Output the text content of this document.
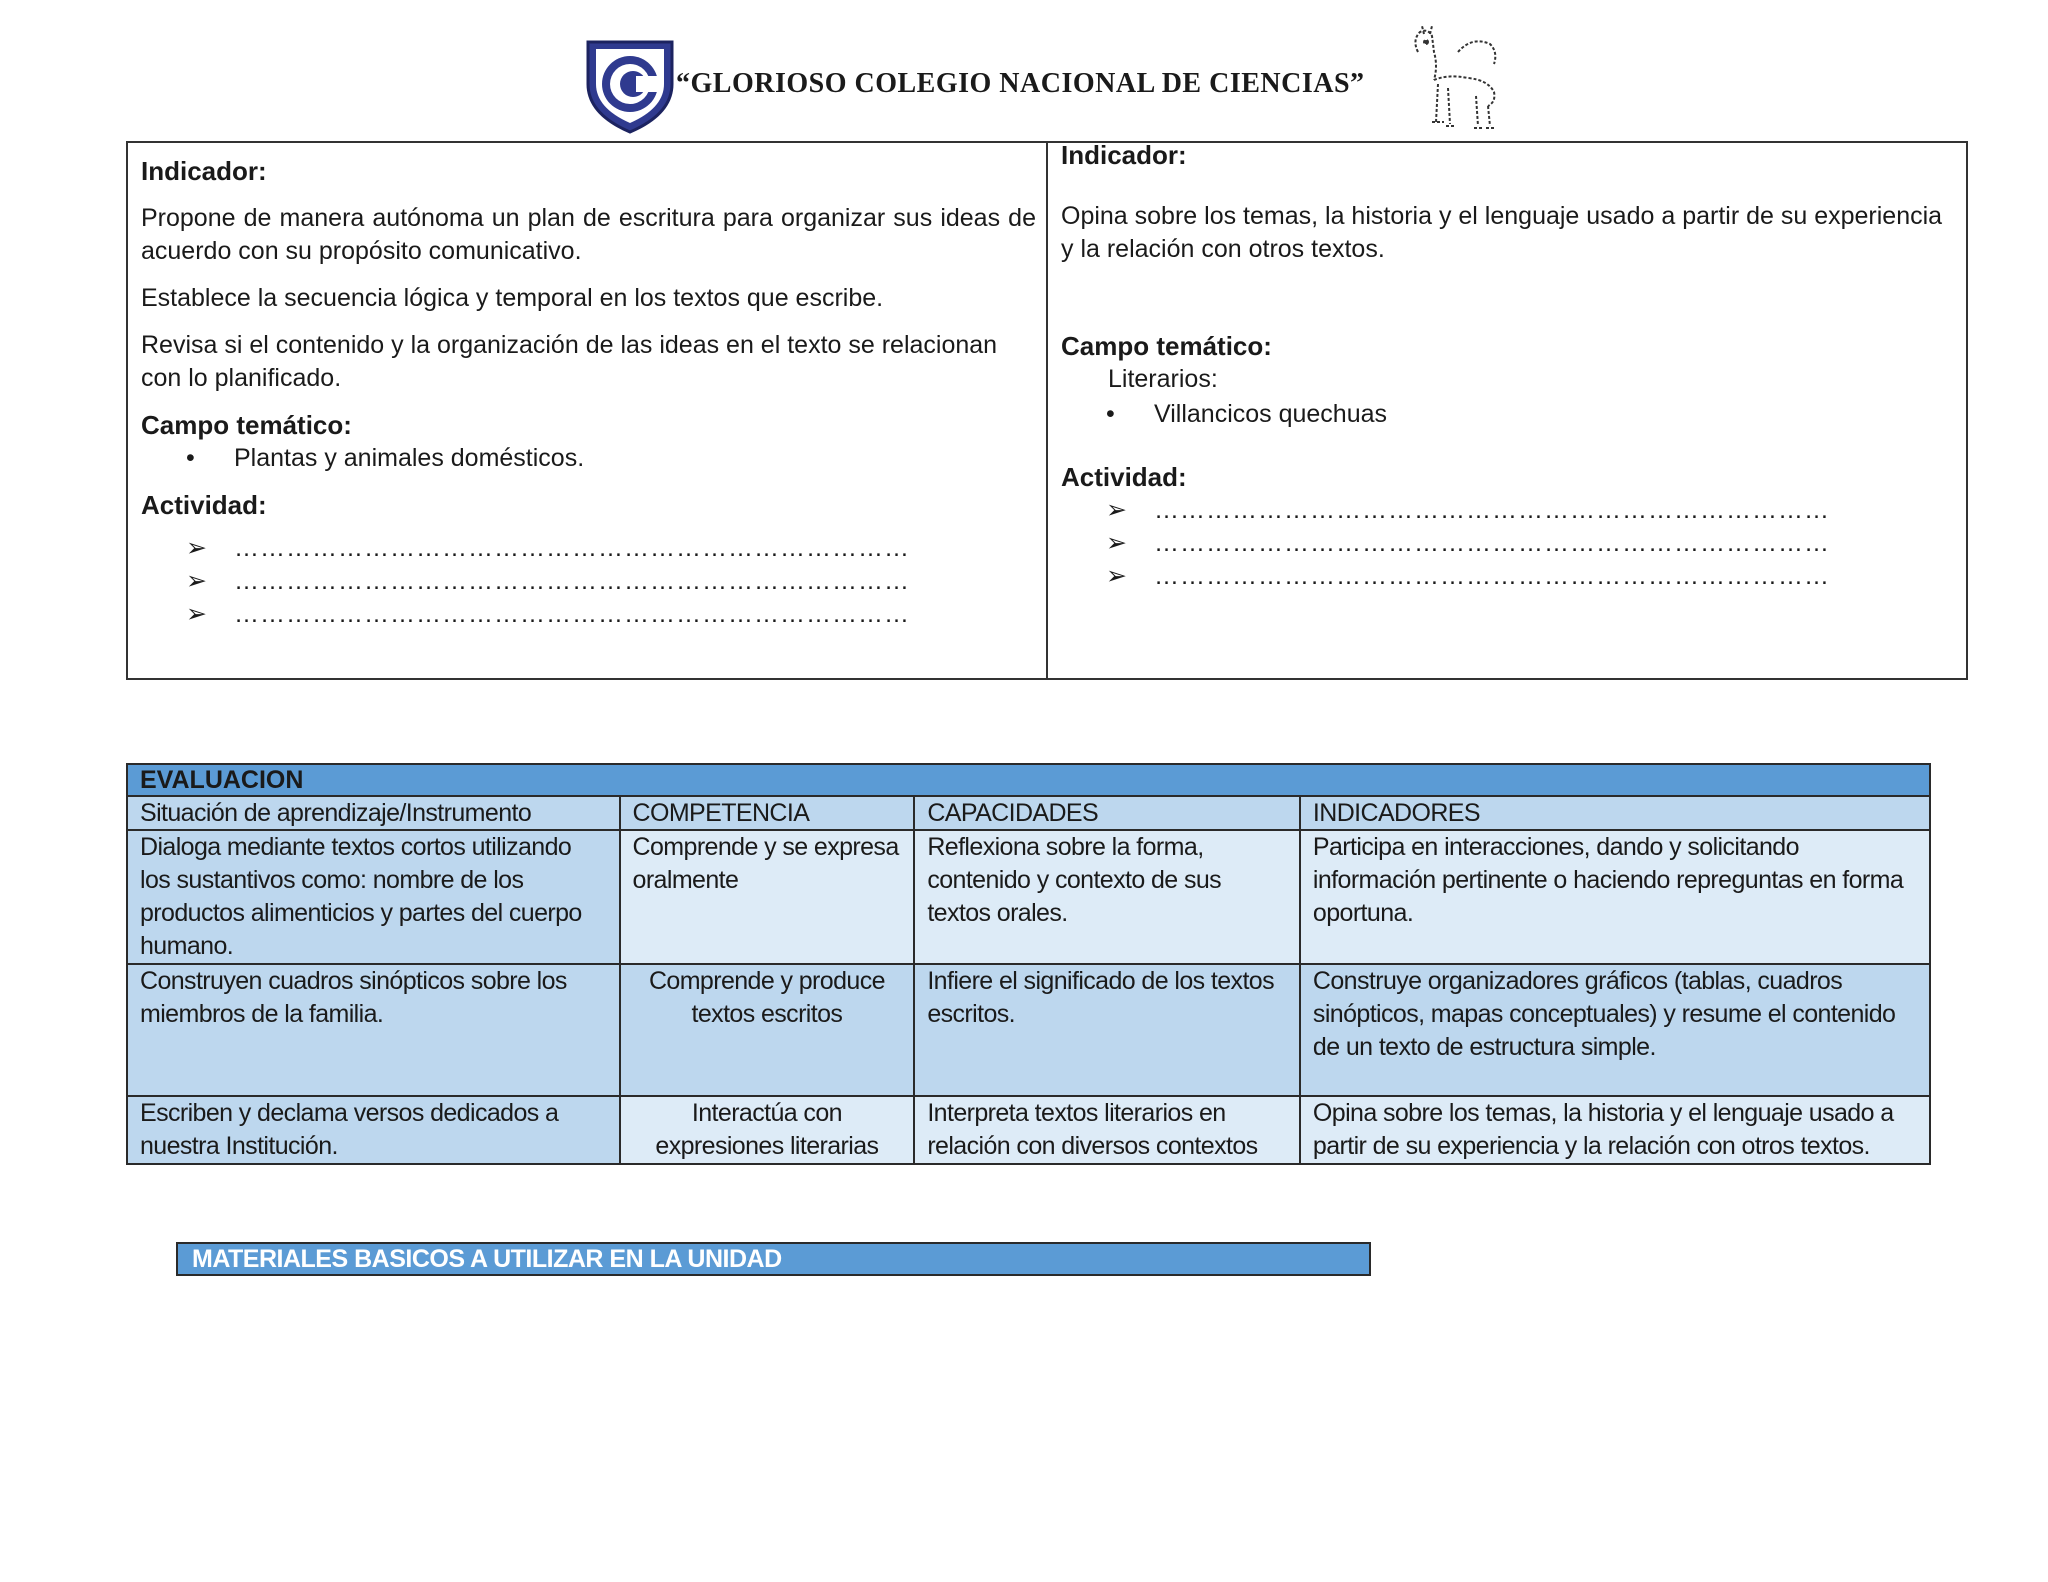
“GLORIOSO COLEGIO NACIONAL DE CIENCIAS”

Indicador:

Propone de manera autónoma un plan de escritura para organizar sus ideas de acuerdo con su propósito comunicativo.

Establece la secuencia lógica y temporal en los textos que escribe.

Revisa si el contenido y la organización de las ideas en el texto se relacionan con lo planificado.

Campo temático:

•	Plantas y animales domésticos.

Actividad:

➢	……………………………………………………………………
➢	……………………………………………………………………
➢	……………………………………………………………………

Indicador:

Opina sobre los temas, la historia y el lenguaje usado a partir de su experiencia y la relación con otros textos.

Campo temático:

Literarios:

•	Villancicos quechuas

Actividad:

➢	……………………………………………………………………
➢	……………………………………………………………………
➢	……………………………………………………………………
EVALUACION			
Situación de aprendizaje/Instrumento	COMPETENCIA	CAPACIDADES	INDICADORES
Dialoga mediante textos cortos utilizando los sustantivos como: nombre de los productos alimenticios y partes del cuerpo humano.	Comprende y se expresa oralmente	Reflexiona sobre la forma, contenido y contexto de sus textos orales.	Participa en interacciones, dando y solicitando información pertinente o haciendo repreguntas en forma oportuna.
Construyen cuadros sinópticos sobre los miembros de la familia.	Comprende y produce textos escritos	Infiere el significado de los textos escritos.	Construye organizadores gráficos (tablas, cuadros sinópticos, mapas conceptuales) y resume el contenido de un texto de estructura simple.
Escriben y declama versos dedicados a nuestra Institución.	Interactúa con expresiones literarias	Interpreta textos literarios en relación con diversos contextos	Opina sobre los temas, la historia y el lenguaje usado a partir de su experiencia y la relación con otros textos.
MATERIALES BASICOS A UTILIZAR EN LA UNIDAD
